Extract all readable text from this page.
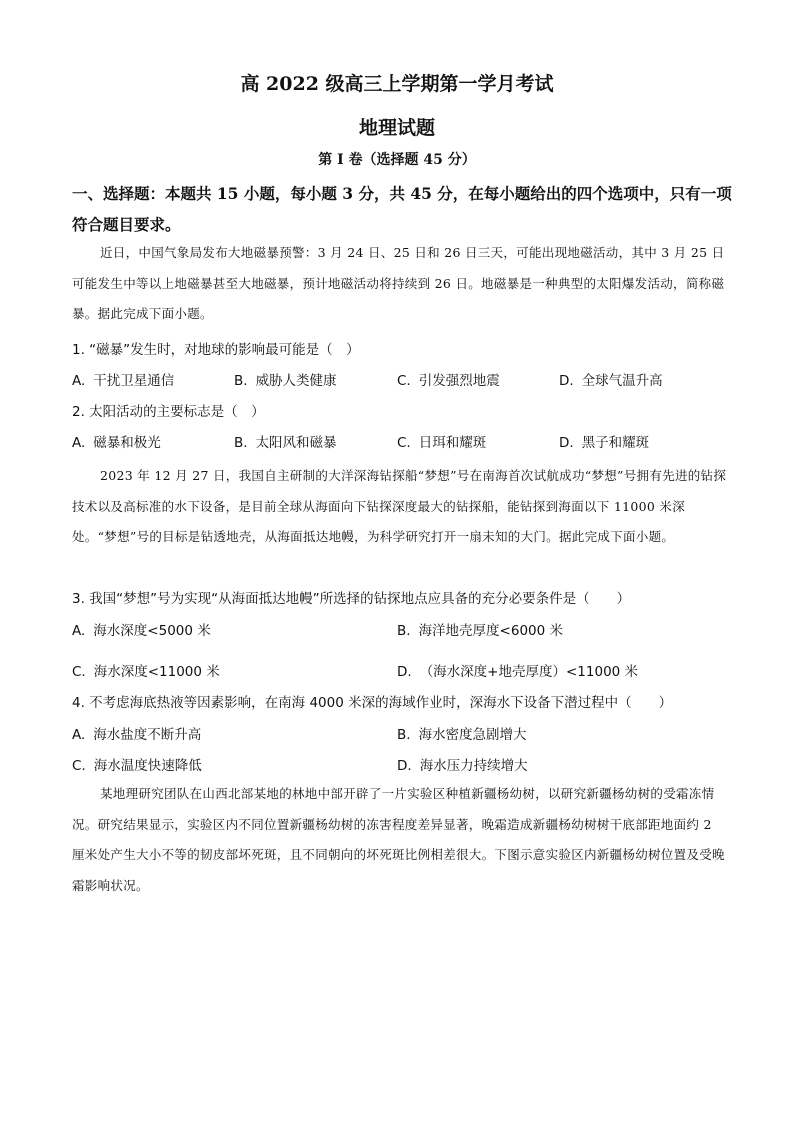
高 2022 级高三上学期第一学月考试
地理试题
第 I 卷（选择题 45 分）
一、选择题：本题共 15 小题，每小题 3 分，共 45 分，在每小题给出的四个选项中，只有一项符合题目要求。
近日，中国气象局发布大地磁暴预警：3 月 24 日、25 日和 26 日三天，可能出现地磁活动，其中 3 月 25 日可能发生中等以上地磁暴甚至大地磁暴，预计地磁活动将持续到 26 日。地磁暴是一种典型的太阳爆发活动，简称磁暴。据此完成下面小题。
1. “磁暴”发生时，对地球的影响最可能是（　）
A. 干扰卫星通信	B. 威胁人类健康	C. 引发强烈地震	D. 全球气温升高
2. 太阳活动的主要标志是（　）
A. 磁暴和极光	B. 太阳风和磁暴	C. 日珥和耀斑	D. 黑子和耀斑
2023 年 12 月 27 日，我国自主研制的大洋深海钻探船“梦想”号在南海首次试航成功“梦想”号拥有先进的钻探技术以及高标准的水下设备，是目前全球从海面向下钻探深度最大的钻探船，能钻探到海面以下 11000 米深处。“梦想”号的目标是钻透地壳，从海面抵达地幔，为科学研究打开一扇未知的大门。据此完成下面小题。
3. 我国“梦想”号为实现“从海面抵达地幔”所选择的钻探地点应具备的充分必要条件是（　　）
A. 海水深度<5000 米	B. 海洋地壳厚度<6000 米
C. 海水深度<11000 米	D. （海水深度+地壳厚度）<11000 米
4. 不考虑海底热液等因素影响，在南海 4000 米深的海域作业时，深海水下设备下潜过程中（　　）
A. 海水盐度不断升高	B. 海水密度急剧增大
C. 海水温度快速降低	D. 海水压力持续增大
某地理研究团队在山西北部某地的林地中部开辟了一片实验区种植新疆杨幼树，以研究新疆杨幼树的受霜冻情况。研究结果显示，实验区内不同位置新疆杨幼树的冻害程度差异显著，晚霜造成新疆杨幼树树干底部距地面约 2 厘米处产生大小不等的韧皮部坏死斑，且不同朝向的坏死斑比例相差很大。下图示意实验区内新疆杨幼树位置及受晚霜影响状况。
